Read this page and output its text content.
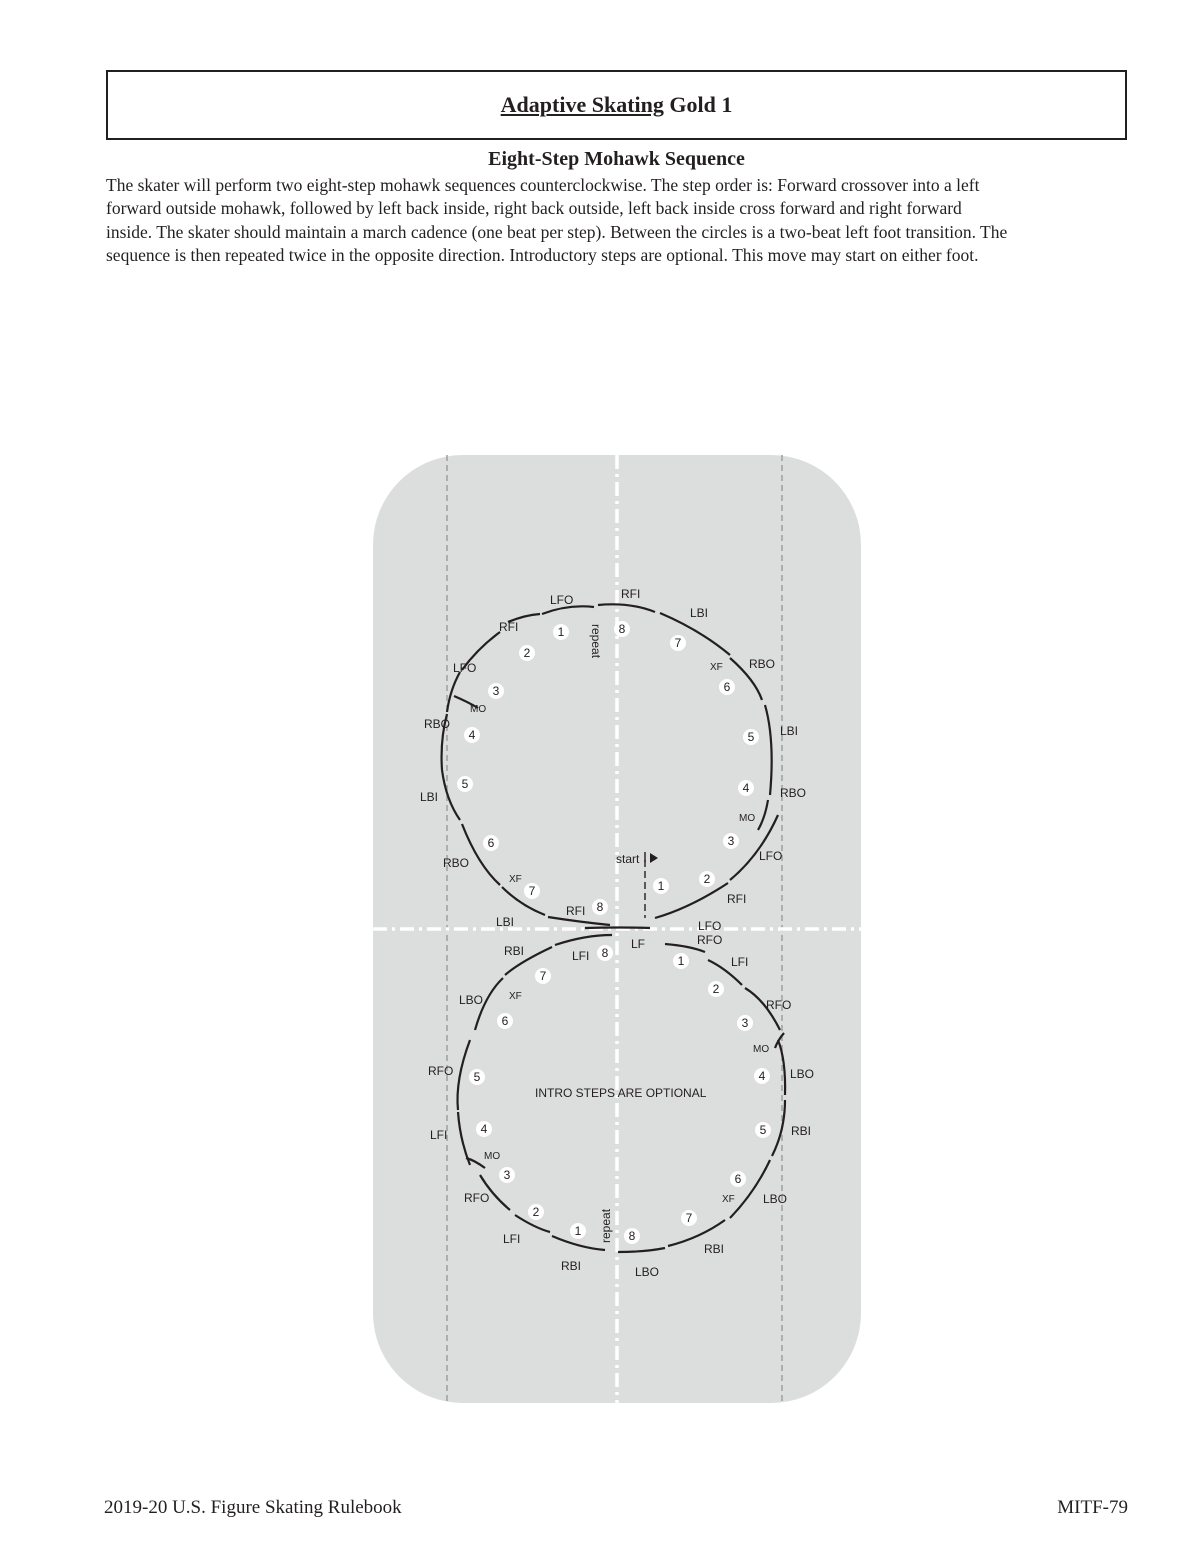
Adaptive Skating Gold 1
Eight-Step Mohawk Sequence
The skater will perform two eight-step mohawk sequences counterclockwise. The step order is: Forward crossover into a left
forward outside mohawk, followed by left back inside, right back outside, left back inside cross forward and right forward
inside. The skater should maintain a march cadence (one beat per step). Between the circles is a two-beat left foot transition. The
sequence is then repeated twice in the opposite direction. Introductory steps are optional. This move may start on either foot.
LFO	RFI
LBI
RBO
LBI
RBO
LFO
RFI
LFO
RFI
LFO
RBO
LBI
RBO
LBI
RFI
XF
MO
MO
XF
repeat
start
LF	RFO
RBI	LFI	LFI
RFO
LBO
RBI
LBO
RBI
LBO
RFO
LFI
RFO
LFI
RBI	LBO
MO
XF
XF
MO
repeat
INTRO STEPS ARE OPTIONAL
1	8
7
6
5
4
3
2
1
2
3
4
5
6
7
8
8
1
2
3
4
5
6
7
7
6
5
4
3
2
1	8
2019-20 U.S. Figure Skating Rulebook	MITF-79
